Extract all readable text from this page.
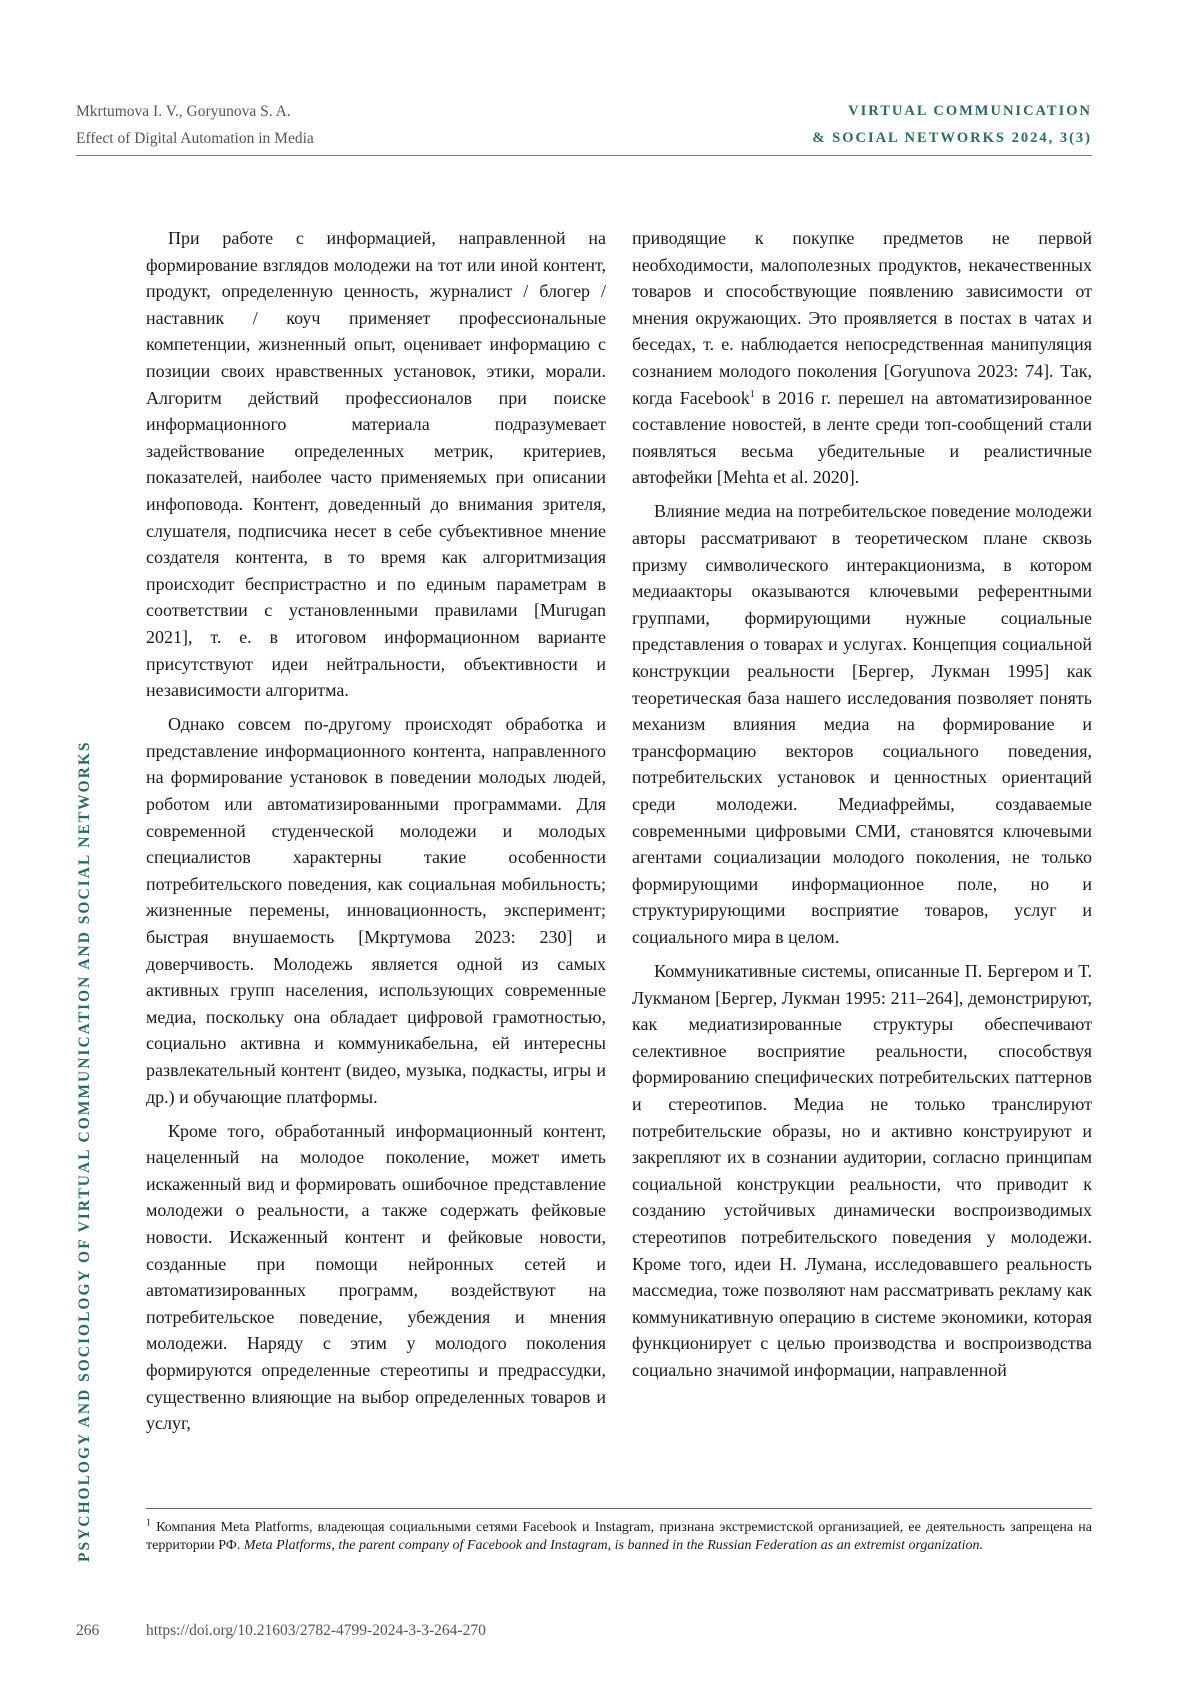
Mkrtumova I. V., Goryunova S. A.
Effect of Digital Automation in Media
VIRTUAL COMMUNICATION
& SOCIAL NETWORKS 2024, 3(3)
PSYCHOLOGY AND SOCIOLOGY OF VIRTUAL COMMUNICATION AND SOCIAL NETWORKS

При работе с информацией, направленной на формирование взглядов молодежи на тот или иной контент, продукт, определенную ценность, журналист / блогер / наставник / коуч применяет профессиональные компетенции, жизненный опыт, оценивает информацию с позиции своих нравственных установок, этики, морали. Алгоритм действий профессионалов при поиске информационного материала подразумевает задействование определенных метрик, критериев, показателей, наиболее часто применяемых при описании инфоповода. Контент, доведенный до внимания зрителя, слушателя, подписчика несет в себе субъективное мнение создателя контента, в то время как алгоритмизация происходит беспристрастно и по единым параметрам в соответствии с установленными правилами [Murugan 2021], т. е. в итоговом информационном варианте присутствуют идеи нейтральности, объективности и независимости алгоритма.

Однако совсем по-другому происходят обработка и представление информационного контента, направленного на формирование установок в поведении молодых людей, роботом или автоматизированными программами. Для современной студенческой молодежи и молодых специалистов характерны такие особенности потребительского поведения, как социальная мобильность; жизненные перемены, инновационность, эксперимент; быстрая внушаемость [Мкртумова 2023: 230] и доверчивость. Молодежь является одной из самых активных групп населения, использующих современные медиа, поскольку она обладает цифровой грамотностью, социально активна и коммуникабельна, ей интересны развлекательный контент (видео, музыка, подкасты, игры и др.) и обучающие платформы.

Кроме того, обработанный информационный контент, нацеленный на молодое поколение, может иметь искаженный вид и формировать ошибочное представление молодежи о реальности, а также содержать фейковые новости. Искаженный контент и фейковые новости, созданные при помощи нейронных сетей и автоматизированных программ, воздействуют на потребительское поведение, убеждения и мнения молодежи. Наряду с этим у молодого поколения формируются определенные стереотипы и предрассудки, существенно влияющие на выбор определенных товаров и услуг,

приводящие к покупке предметов не первой необходимости, малополезных продуктов, некачественных товаров и способствующие появлению зависимости от мнения окружающих. Это проявляется в постах в чатах и беседах, т. е. наблюдается непосредственная манипуляция сознанием молодого поколения [Goryunova 2023: 74]. Так, когда Facebook$^1$ в 2016 г. перешел на автоматизированное составление новостей, в ленте среди топ-сообщений стали появляться весьма убедительные и реалистичные автофейки [Mehta et al. 2020].

Влияние медиа на потребительское поведение молодежи авторы рассматривают в теоретическом плане сквозь призму символического интеракционизма, в котором медиаакторы оказываются ключевыми референтными группами, формирующими нужные социальные представления о товарах и услугах. Концепция социальной конструкции реальности [Бергер, Лукман 1995] как теоретическая база нашего исследования позволяет понять механизм влияния медиа на формирование и трансформацию векторов социального поведения, потребительских установок и ценностных ориентаций среди молодежи. Медиафреймы, создаваемые современными цифровыми СМИ, становятся ключевыми агентами социализации молодого поколения, не только формирующими информационное поле, но и структурирующими восприятие товаров, услуг и социального мира в целом.

Коммуникативные системы, описанные П. Бергером и Т. Лукманом [Бергер, Лукман 1995: 211–264], демонстрируют, как медиатизированные структуры обеспечивают селективное восприятие реальности, способствуя формированию специфических потребительских паттернов и стереотипов. Медиа не только транслируют потребительские образы, но и активно конструируют и закрепляют их в сознании аудитории, согласно принципам социальной конструкции реальности, что приводит к созданию устойчивых динамически воспроизводимых стереотипов потребительского поведения у молодежи. Кроме того, идеи Н. Лумана, исследовавшего реальность массмедиа, тоже позволяют нам рассматривать рекламу как коммуникативную операцию в системе экономики, которая функционирует с целью производства и воспроизводства социально значимой информации, направленной

$^1$ Компания Meta Platforms, владеющая социальными сетями Facebook и Instagram, признана экстремистской организацией, ее деятельность запрещена на территории РФ. Meta Platforms, the parent company of Facebook and Instagram, is banned in the Russian Federation as an extremist organization.
266	https://doi.org/10.21603/2782-4799-2024-3-3-264-270
